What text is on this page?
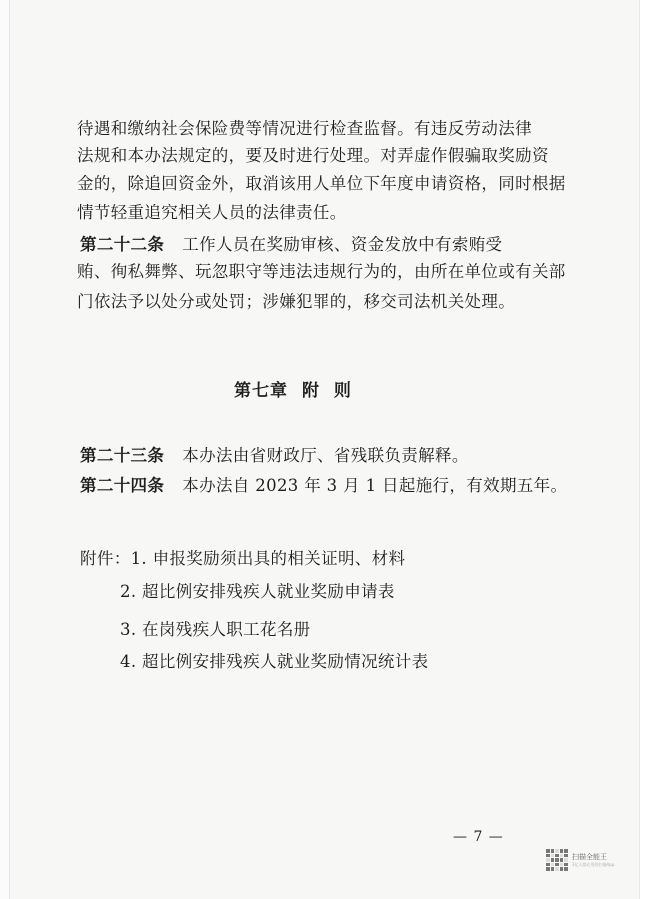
待遇和缴纳社会保险费等情况进行检查监督。有违反劳动法律
法规和本办法规定的，要及时进行处理。对弄虚作假骗取奖励资
金的，除追回资金外，取消该用人单位下年度申请资格，同时根据
情节轻重追究相关人员的法律责任。
第二十二条 工作人员在奖励审核、资金发放中有索贿受
贿、徇私舞弊、玩忽职守等违法违规行为的，由所在单位或有关部
门依法予以处分或处罚；涉嫌犯罪的，移交司法机关处理。
第七章 附  则
第二十三条 本办法由省财政厅、省残联负责解释。
第二十四条 本办法自 2023 年 3 月 1 日起施行，有效期五年。
附件：1. 申报奖励须出具的相关证明、材料
2. 超比例安排残疾人就业奖励申请表
3. 在岗残疾人职工花名册
4. 超比例安排残疾人就业奖励情况统计表
— 7 —
扫描全能王
3亿人都在用的扫描App
